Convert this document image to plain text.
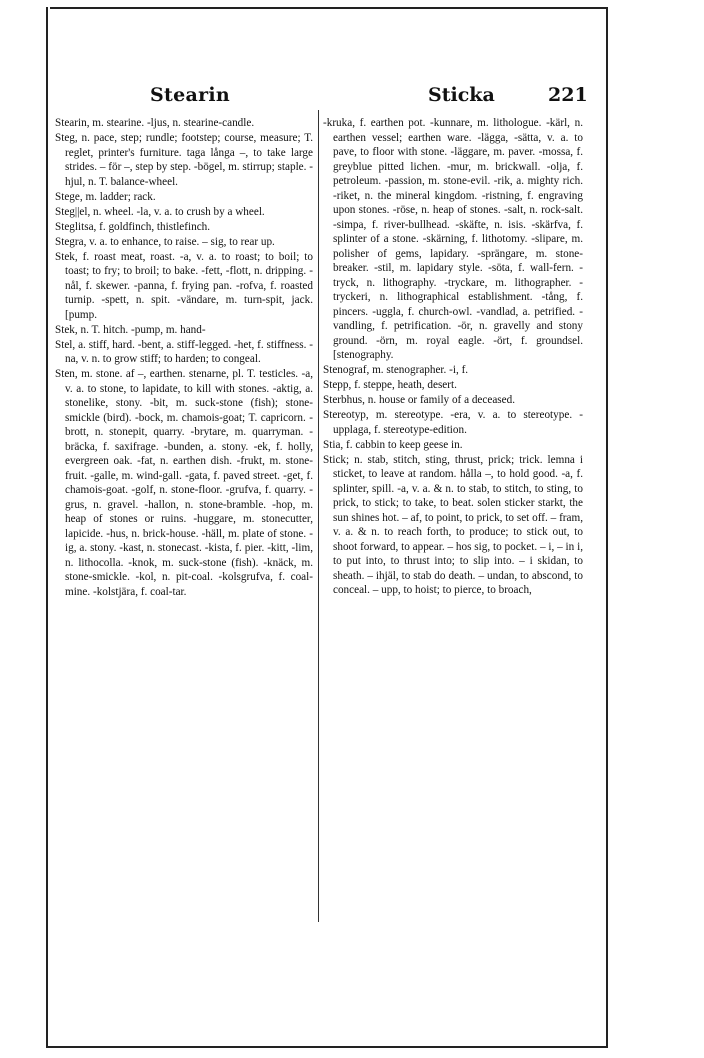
Stearin	Sticka	221

Stearin, m. stearine. -ljus, n. stearine-candle.

Steg, n. pace, step; rundle; footstep; course, measure; T. reglet, printer's furniture. taga långa –, to take large strides. – för –, step by step. -bögel, m. stirrup; staple. -hjul, n. T. balance-wheel.

Stege, m. ladder; rack.

Steg||el, n. wheel. -la, v. a. to crush by a wheel.

Steglitsa, f. goldfinch, thistlefinch.

Stegra, v. a. to enhance, to raise. – sig, to rear up.

Stek, f. roast meat, roast. -a, v. a. to roast; to boil; to toast; to fry; to broil; to bake. -fett, -flott, n. dripping. -nål, f. skewer. -panna, f. frying pan. -rofva, f. roasted turnip. -spett, n. spit. -vändare, m. turn-spit, jack. [pump.

Stek, n. T. hitch. -pump, m. hand-

Stel, a. stiff, hard. -bent, a. stiff-legged. -het, f. stiffness. -na, v. n. to grow stiff; to harden; to congeal.

Sten, m. stone. af –, earthen. stenarne, pl. T. testicles. -a, v. a. to stone, to lapidate, to kill with stones. -aktig, a. stonelike, stony. -bit, m. suck-stone (fish); stone-smickle (bird). -bock, m. chamois-goat; T. capricorn. -brott, n. stonepit, quarry. -brytare, m. quarryman. -bräcka, f. saxifrage. -bunden, a. stony. -ek, f. holly, evergreen oak. -fat, n. earthen dish. -frukt, m. stone-fruit. -galle, m. wind-gall. -gata, f. paved street. -get, f. chamois-goat. -golf, n. stone-floor. -grufva, f. quarry. -grus, n. gravel. -hallon, n. stone-bramble. -hop, m. heap of stones or ruins. -huggare, m. stonecutter, lapicide. -hus, n. brick-house. -häll, m. plate of stone. -ig, a. stony. -kast, n. stonecast. -kista, f. pier. -kitt, -lim, n. lithocolla. -knok, m. suck-stone (fish). -knäck, m. stone-smickle. -kol, n. pit-coal. -kolsgrufva, f. coal-mine. -kolstjära, f. coal-tar.

-kruka, f. earthen pot. -kunnare, m. lithologue. -kärl, n. earthen vessel; earthen ware. -lägga, -sätta, v. a. to pave, to floor with stone. -läggare, m. paver. -mossa, f. greyblue pitted lichen. -mur, m. brickwall. -olja, f. petroleum. -passion, m. stone-evil. -rik, a. mighty rich. -riket, n. the mineral kingdom. -ristning, f. engraving upon stones. -röse, n. heap of stones. -salt, n. rock-salt. -simpa, f. river-bullhead. -skäfte, n. isis. -skärfva, f. splinter of a stone. -skärning, f. lithotomy. -slipare, m. polisher of gems, lapidary. -sprängare, m. stone-breaker. -stil, m. lapidary style. -söta, f. wall-fern. -tryck, n. lithography. -tryckare, m. lithographer. -tryckeri, n. lithographical establishment. -tång, f. pincers. -uggla, f. church-owl. -vandlad, a. petrified. -vandling, f. petrification. -ör, n. gravelly and stony ground. -örn, m. royal eagle. -ört, f. groundsel. [stenography.

Stenograf, m. stenographer. -i, f.

Stepp, f. steppe, heath, desert.

Sterbhus, n. house or family of a deceased.

Stereotyp, m. stereotype. -era, v. a. to stereotype. -upplaga, f. stereotype-edition.

Stia, f. cabbin to keep geese in.

Stick; n. stab, stitch, sting, thrust, prick; trick. lemna i sticket, to leave at random. hålla –, to hold good. -a, f. splinter, spill. -a, v. a. & n. to stab, to stitch, to sting, to prick, to stick; to take, to beat. solen sticker starkt, the sun shines hot. – af, to point, to prick, to set off. – fram, v. a. & n. to reach forth, to produce; to stick out, to shoot forward, to appear. – hos sig, to pocket. – i, – in i, to put into, to thrust into; to slip into. – i skidan, to sheath. – ihjäl, to stab do death. – undan, to abscond, to conceal. – upp, to hoist; to pierce, to broach,
